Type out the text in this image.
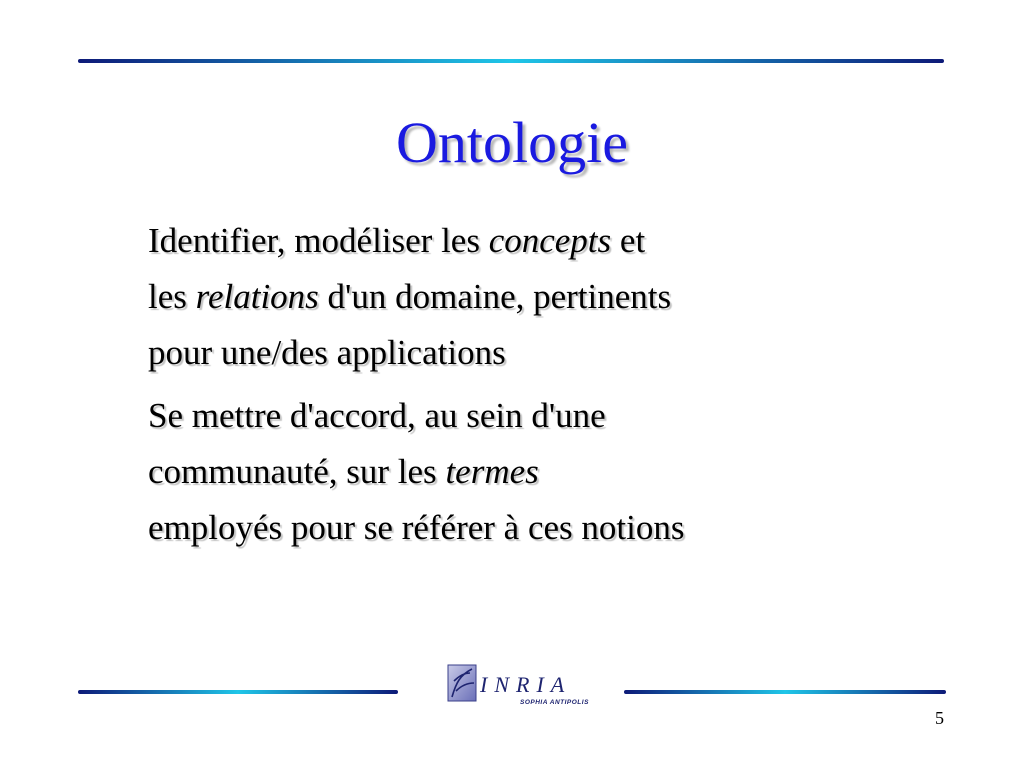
Ontologie
Identifier, modéliser les concepts et
les relations d'un domaine, pertinents
pour une/des applications
Se mettre d'accord, au sein d'une
communauté, sur les termes
employés pour se référer à ces notions
INRIA
SOPHIA ANTIPOLIS
5
